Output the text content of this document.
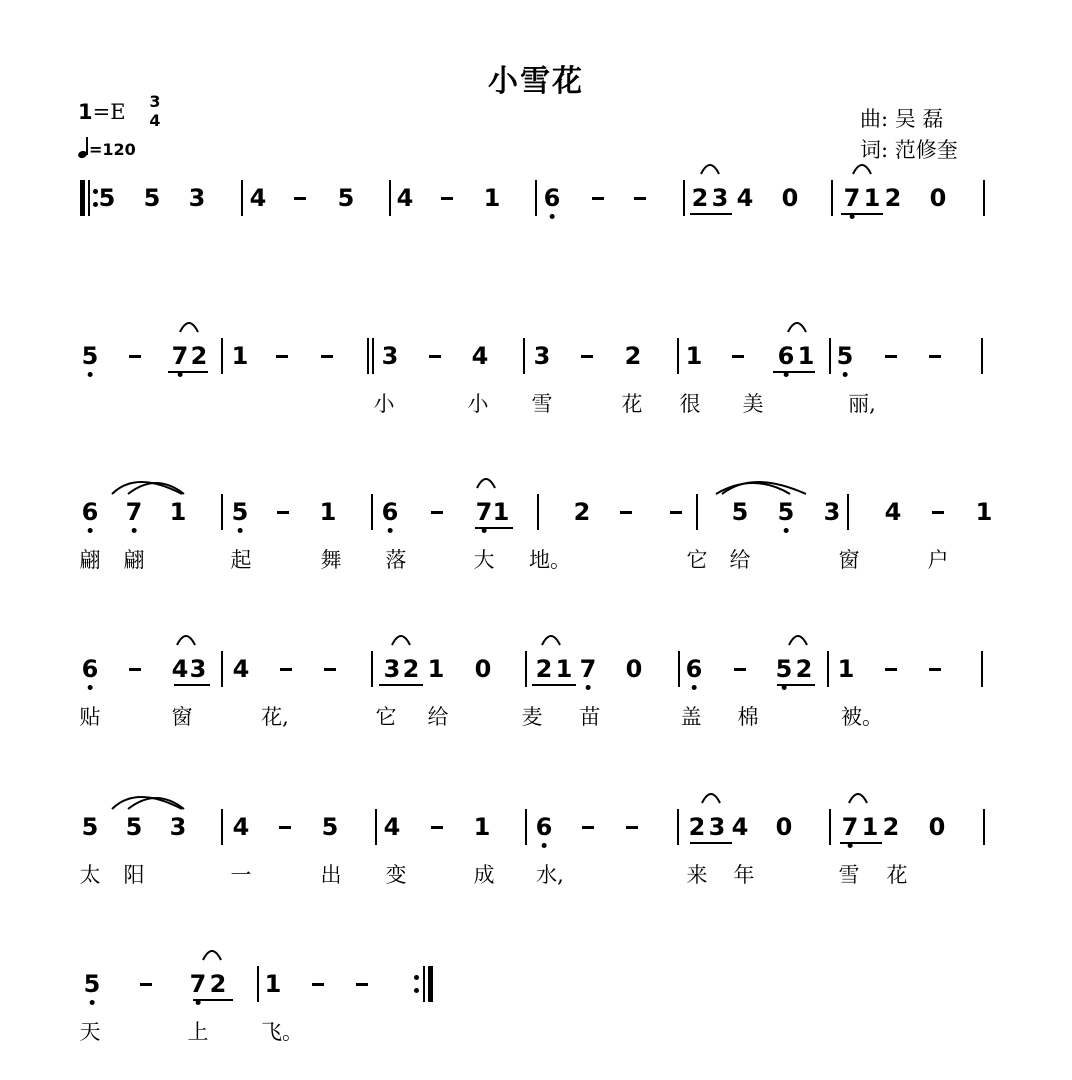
小雪花
1=E 3
4
=120
曲: 吴 磊
词: 范修奎
5 5 3 4	5 4	1 6	2 3 4 0 7 1 2 0
5	7 2 1	3	4 3	2 1	6 1 5
小	小 雪	花 很 美	丽,
6 7 1 5	1 6	7 1	2	5 5 3 4	1
翩 翩	起	舞 落	大 地。	它 给	窗	户
6	4 3 4	3 2 1 0 2 1 7 0 6	5 2 1
贴	窗	花,	它 给	麦 苗	盖 棉	被。
5 5 3 4	5 4	1 6	2 3 4 0 7 1 2 0
太 阳	一	出 变	成 水,	来 年	雪 花
5	7 2 1
天	上	飞。
